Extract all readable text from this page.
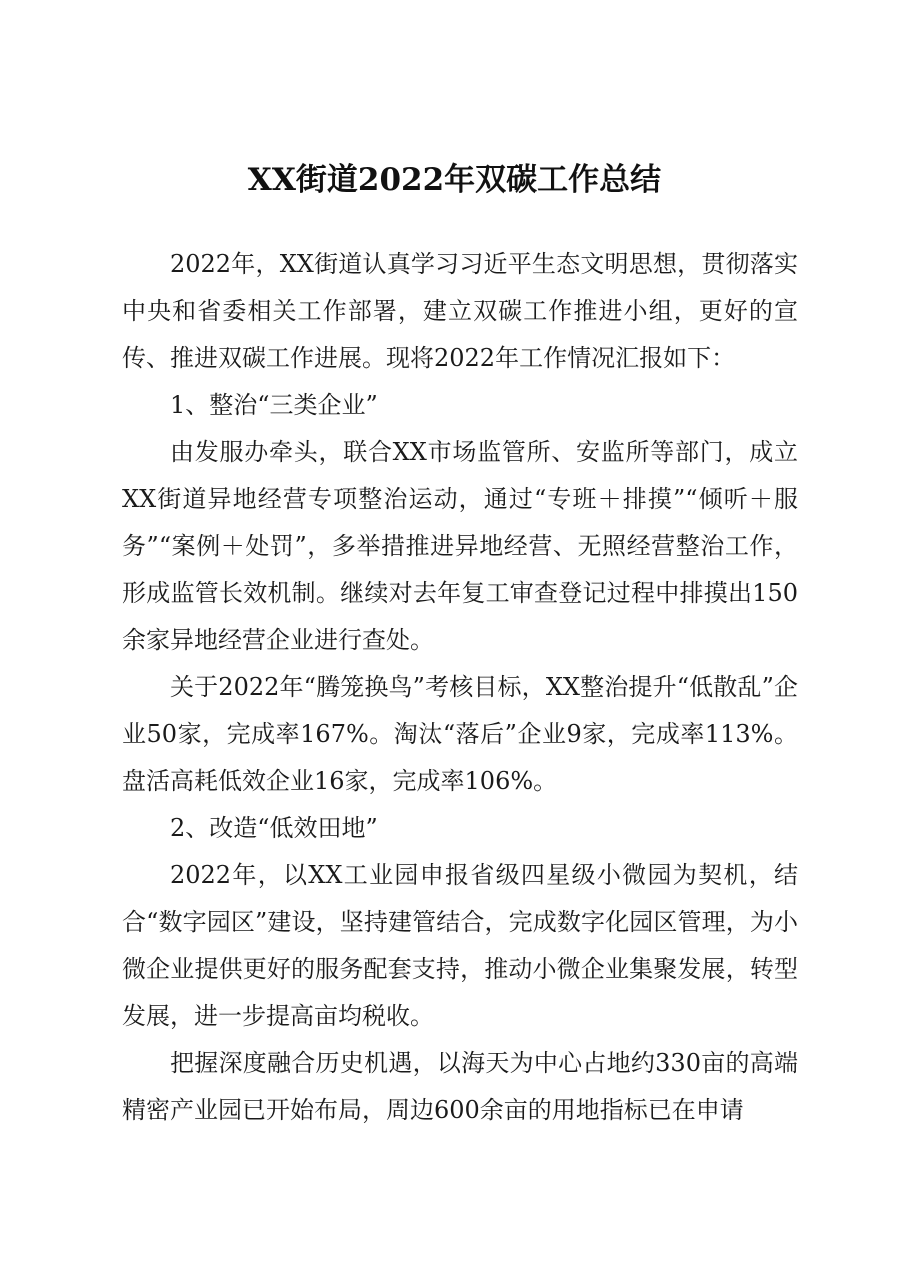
XX街道2022年双碳工作总结

2022年，XX街道认真学习习近平生态文明思想，贯彻落实中央和省委相关工作部署，建立双碳工作推进小组，更好的宣传、推进双碳工作进展。现将2022年工作情况汇报如下：

1、整治“三类企业”

由发服办牵头，联合XX市场监管所、安监所等部门，成立XX街道异地经营专项整治运动，通过“专班＋排摸”“倾听＋服务”“案例＋处罚”，多举措推进异地经营、无照经营整治工作，形成监管长效机制。继续对去年复工审查登记过程中排摸出150余家异地经营企业进行查处。

关于2022年“腾笼换鸟”考核目标，XX整治提升“低散乱”企业50家，完成率167%。淘汰“落后”企业9家，完成率113%。盘活高耗低效企业16家，完成率106%。

2、改造“低效田地”

2022年，以XX工业园申报省级四星级小微园为契机，结合“数字园区”建设，坚持建管结合，完成数字化园区管理，为小微企业提供更好的服务配套支持，推动小微企业集聚发展，转型发展，进一步提高亩均税收。

把握深度融合历史机遇，以海天为中心占地约330亩的高端精密产业园已开始布局，周边600余亩的用地指标已在申请
